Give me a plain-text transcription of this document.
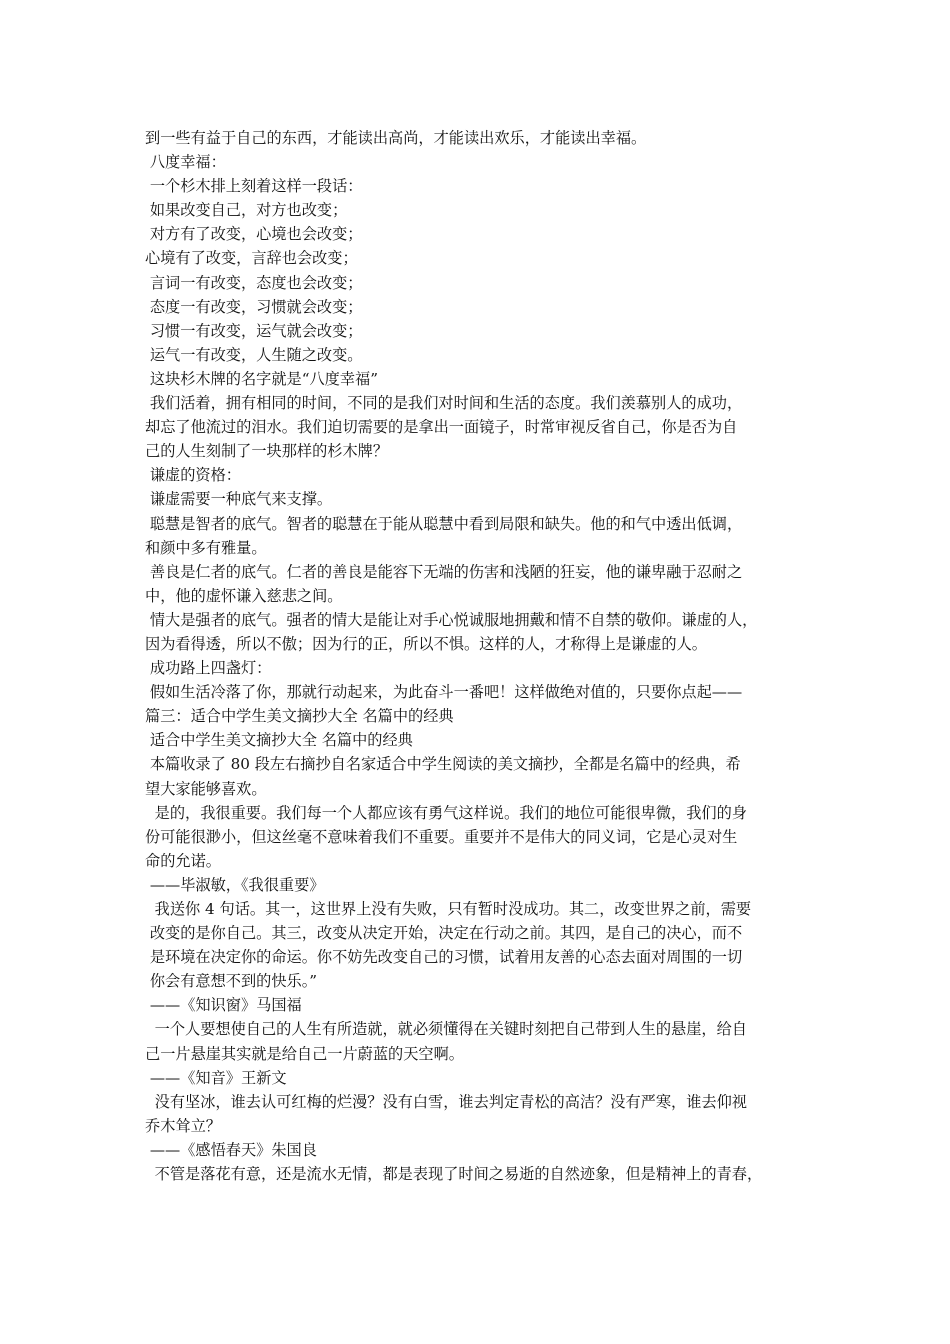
到一些有益于自己的东西，才能读出高尚，才能读出欢乐，才能读出幸福。
八度幸福：
一个杉木排上刻着这样一段话：
如果改变自己，对方也改变；
对方有了改变，心境也会改变；
心境有了改变，言辞也会改变；
言词一有改变，态度也会改变；
态度一有改变，习惯就会改变；
习惯一有改变，运气就会改变；
运气一有改变，人生随之改变。
这块杉木牌的名字就是“八度幸福”
我们活着，拥有相同的时间，不同的是我们对时间和生活的态度。我们羡慕别人的成功，
却忘了他流过的泪水。我们迫切需要的是拿出一面镜子，时常审视反省自己，你是否为自
己的人生刻制了一块那样的杉木牌？
谦虚的资格：
谦虚需要一种底气来支撑。
聪慧是智者的底气。智者的聪慧在于能从聪慧中看到局限和缺失。他的和气中透出低调，
和颜中多有雅量。
善良是仁者的底气。仁者的善良是能容下无端的伤害和浅陋的狂妄，他的谦卑融于忍耐之
中，他的虚怀谦入慈悲之间。
情大是强者的底气。强者的情大是能让对手心悦诚服地拥戴和情不自禁的敬仰。谦虚的人，
因为看得透，所以不傲；因为行的正，所以不惧。这样的人，才称得上是谦虚的人。
成功路上四盏灯：
假如生活冷落了你，那就行动起来，为此奋斗一番吧！这样做绝对值的，只要你点起——
篇三：适合中学生美文摘抄大全 名篇中的经典
适合中学生美文摘抄大全 名篇中的经典
本篇收录了 80 段左右摘抄自名家适合中学生阅读的美文摘抄，全都是名篇中的经典，希
望大家能够喜欢。
是的，我很重要。我们每一个人都应该有勇气这样说。我们的地位可能很卑微，我们的身
份可能很渺小，但这丝毫不意味着我们不重要。重要并不是伟大的同义词，它是心灵对生
命的允诺。
——毕淑敏，《我很重要》
我送你 4 句话。其一，这世界上没有失败，只有暂时没成功。其二，改变世界之前，需要
改变的是你自己。其三，改变从决定开始，决定在行动之前。其四，是自己的决心，而不
是环境在决定你的命运。你不妨先改变自己的习惯，试着用友善的心态去面对周围的一切
你会有意想不到的快乐。”
——《知识窗》马国福
一个人要想使自己的人生有所造就，就必须懂得在关键时刻把自己带到人生的悬崖，给自
己一片悬崖其实就是给自己一片蔚蓝的天空啊。
——《知音》王新文
没有坚冰，谁去认可红梅的烂漫？没有白雪，谁去判定青松的高洁？没有严寒，谁去仰视
乔木耸立？
——《感悟春天》朱国良
不管是落花有意，还是流水无情，都是表现了时间之易逝的自然迹象，但是精神上的青春，
